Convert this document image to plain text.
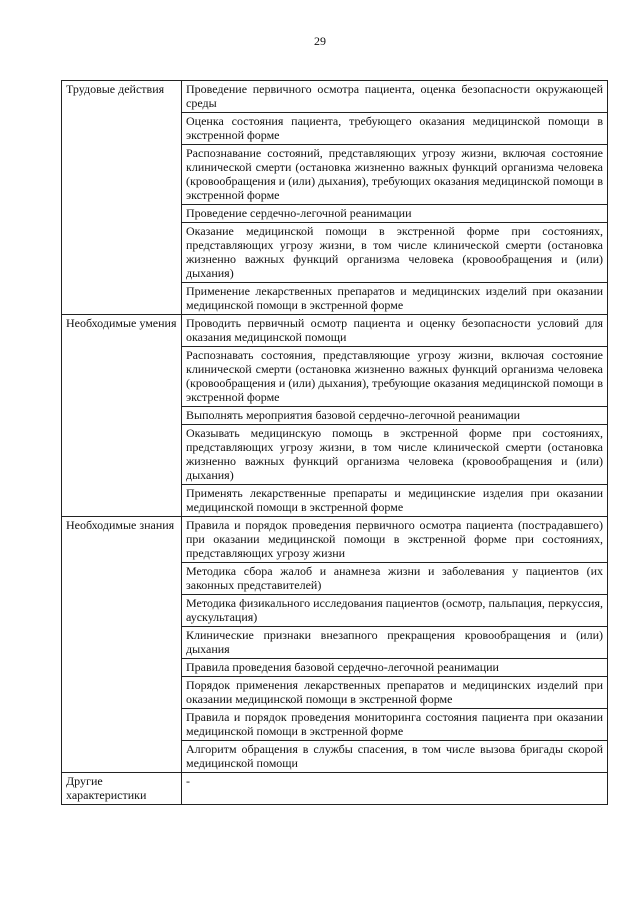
29
Трудовые действия	Проведение первичного осмотра пациента, оценка безопасности окружающей среды
	Оценка состояния пациента, требующего оказания медицинской помощи в экстренной форме
	Распознавание состояний, представляющих угрозу жизни, включая состояние клинической смерти (остановка жизненно важных функций организма человека (кровообращения и (или) дыхания), требующих оказания медицинской помощи в экстренной форме
	Проведение сердечно-легочной реанимации
	Оказание медицинской помощи в экстренной форме при состояниях, представляющих угрозу жизни, в том числе клинической смерти (остановка жизненно важных функций организма человека (кровообращения и (или) дыхания)
	Применение лекарственных препаратов и медицинских изделий при оказании медицинской помощи в экстренной форме
Необходимые умения	Проводить первичный осмотр пациента и оценку безопасности условий для оказания медицинской помощи
	Распознавать состояния, представляющие угрозу жизни, включая состояние клинической смерти (остановка жизненно важных функций организма человека (кровообращения и (или) дыхания), требующие оказания медицинской помощи в экстренной форме
	Выполнять мероприятия базовой сердечно-легочной реанимации
	Оказывать медицинскую помощь в экстренной форме при состояниях, представляющих угрозу жизни, в том числе клинической смерти (остановка жизненно важных функций организма человека (кровообращения и (или) дыхания)
	Применять лекарственные препараты и медицинские изделия при оказании медицинской помощи в экстренной форме
Необходимые знания	Правила и порядок проведения первичного осмотра пациента (пострадавшего) при оказании медицинской помощи в экстренной форме при состояниях, представляющих угрозу жизни
	Методика сбора жалоб и анамнеза жизни и заболевания у пациентов (их законных представителей)
	Методика физикального исследования пациентов (осмотр, пальпация, перкуссия, аускультация)
	Клинические признаки внезапного прекращения кровообращения и (или) дыхания
	Правила проведения базовой сердечно-легочной реанимации
	Порядок применения лекарственных препаратов и медицинских изделий при оказании медицинской помощи в экстренной форме
	Правила и порядок проведения мониторинга состояния пациента при оказании медицинской помощи в экстренной форме
	Алгоритм обращения в службы спасения, в том числе вызова бригады скорой медицинской помощи
Другие характеристики	-
